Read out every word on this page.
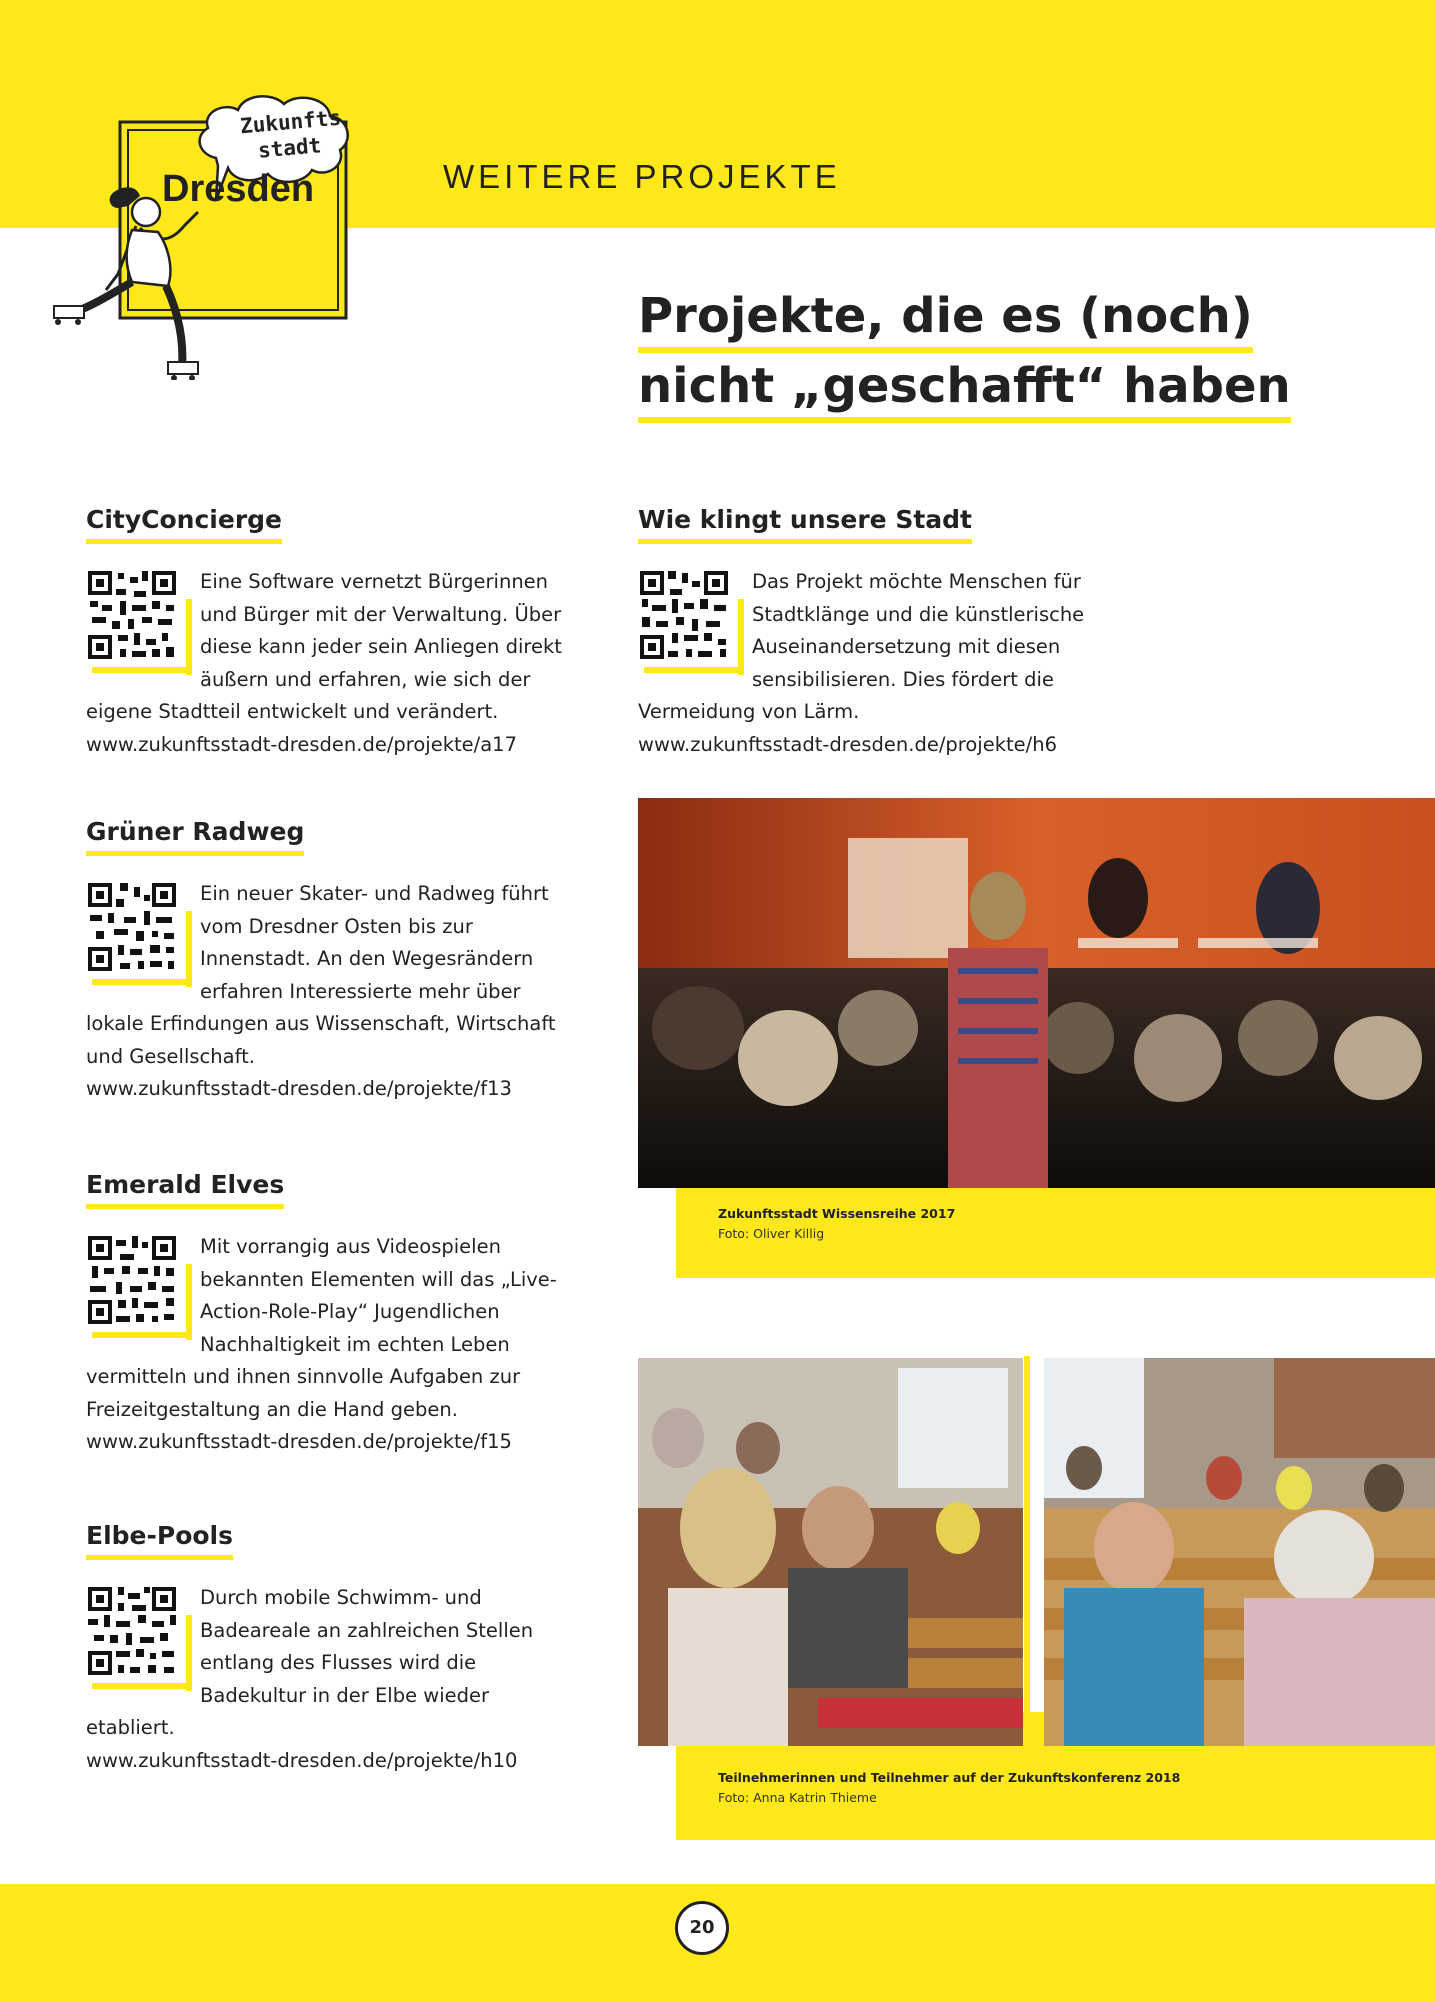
Zukunfts
stadt
Dresden	WEITERE PROJEKTE
Projekte, die es (noch)
nicht „geschafft“ haben
CityConcierge
Eine Software vernetzt Bürgerinnen und Bürger mit der Verwaltung. Über diese kann jeder sein Anliegen direkt äußern und erfahren, wie sich der eigene Stadtteil entwickelt und verändert.
www.zukunftsstadt-dresden.de/projekte/a17
Grüner Radweg
Ein neuer Skater- und Radweg führt vom Dresdner Osten bis zur Innenstadt. An den Wegesrändern erfahren Interessierte mehr über lokale Erfindungen aus Wissenschaft, Wirtschaft und Gesellschaft.
www.zukunftsstadt-dresden.de/projekte/f13
Emerald Elves
Mit vorrangig aus Videospielen bekannten Elementen will das „Live-Action-Role-Play“ Jugendlichen Nachhaltigkeit im echten Leben vermitteln und ihnen sinnvolle Aufgaben zur Freizeitgestaltung an die Hand geben.
www.zukunftsstadt-dresden.de/projekte/f15
Elbe-Pools
Durch mobile Schwimm- und Badeareale an zahlreichen Stellen entlang des Flusses wird die Badekultur in der Elbe wieder etabliert.
www.zukunftsstadt-dresden.de/projekte/h10
Wie klingt unsere Stadt
Das Projekt möchte Menschen für Stadtklänge und die künstlerische Auseinandersetzung mit diesen sensibilisieren. Dies fördert die Vermeidung von Lärm.
www.zukunftsstadt-dresden.de/projekte/h6
Zukunftsstadt Wissensreihe 2017
Foto: Oliver Killig
Teilnehmerinnen und Teilnehmer auf der Zukunftskonferenz 2018
Foto: Anna Katrin Thieme
20
